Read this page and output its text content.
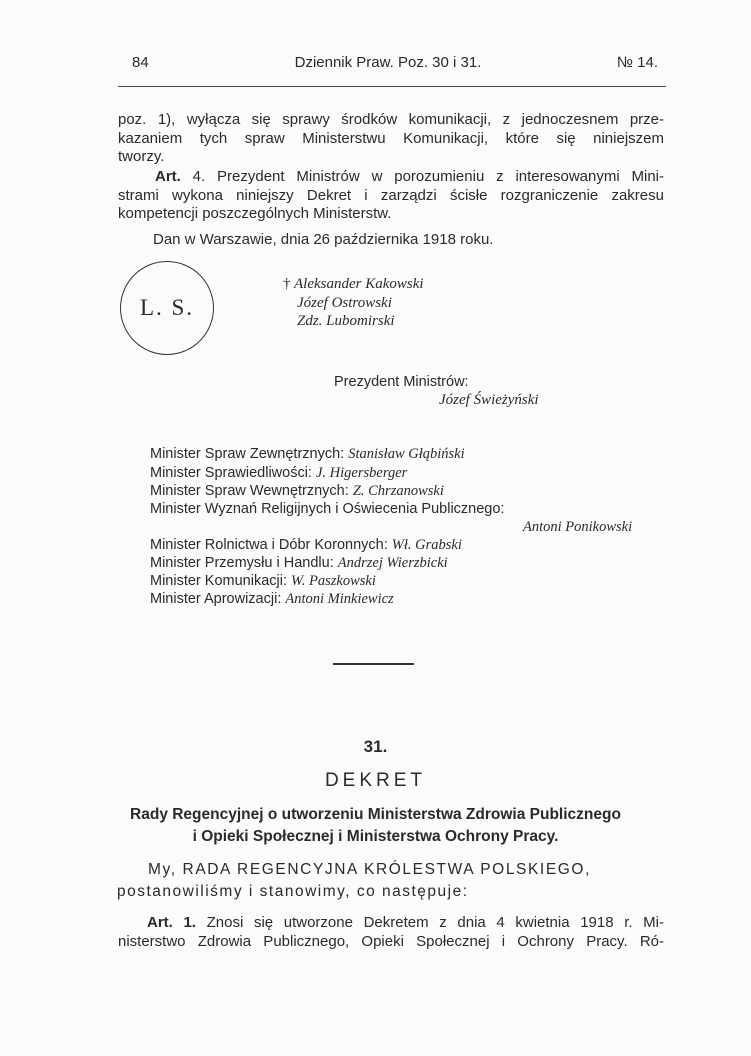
84	Dziennik Praw. Poz. 30 i 31.	№ 14.

poz. 1), wyłącza się sprawy środków komunikacji, z jednoczesnem prze-

kazaniem tych spraw Ministerstwu Komunikacji, które się niniejszem

tworzy.

Art. 4. Prezydent Ministrów w porozumieniu z interesowanymi Mini-

strami wykona niniejszy Dekret i zarządzi ścisłe rozgraniczenie zakresu

kompetencji poszczególnych Ministerstw.

Dan w Warszawie, dnia 26 października 1918 roku.
L. S.
† Aleksander Kakowski
Józef Ostrowski
Zdz. Lubomirski
Prezydent Ministrów:
Józef Świeżyński
Minister Spraw Zewnętrznych: Stanisław Głąbiński
Minister Sprawiedliwości: J. Higersberger
Minister Spraw Wewnętrznych: Z. Chrzanowski
Minister Wyznań Religijnych i Oświecenia Publicznego:
Antoni Ponikowski
Minister Rolnictwa i Dóbr Koronnych: Wł. Grabski
Minister Przemysłu i Handlu: Andrzej Wierzbicki
Minister Komunikacji: W. Paszkowski
Minister Aprowizacji: Antoni Minkiewicz
31.
DEKRET
Rady Regencyjnej o utworzeniu Ministerstwa Zdrowia Publicznego
i Opieki Społecznej i Ministerstwa Ochrony Pracy.
My, RADA REGENCYJNA KRÓLESTWA POLSKIEGO,
postanowiliśmy i stanowimy, co następuje:

Art. 1. Znosi się utworzone Dekretem z dnia 4 kwietnia 1918 r. Mi-

nisterstwo Zdrowia Publicznego, Opieki Społecznej i Ochrony Pracy. Ró-
